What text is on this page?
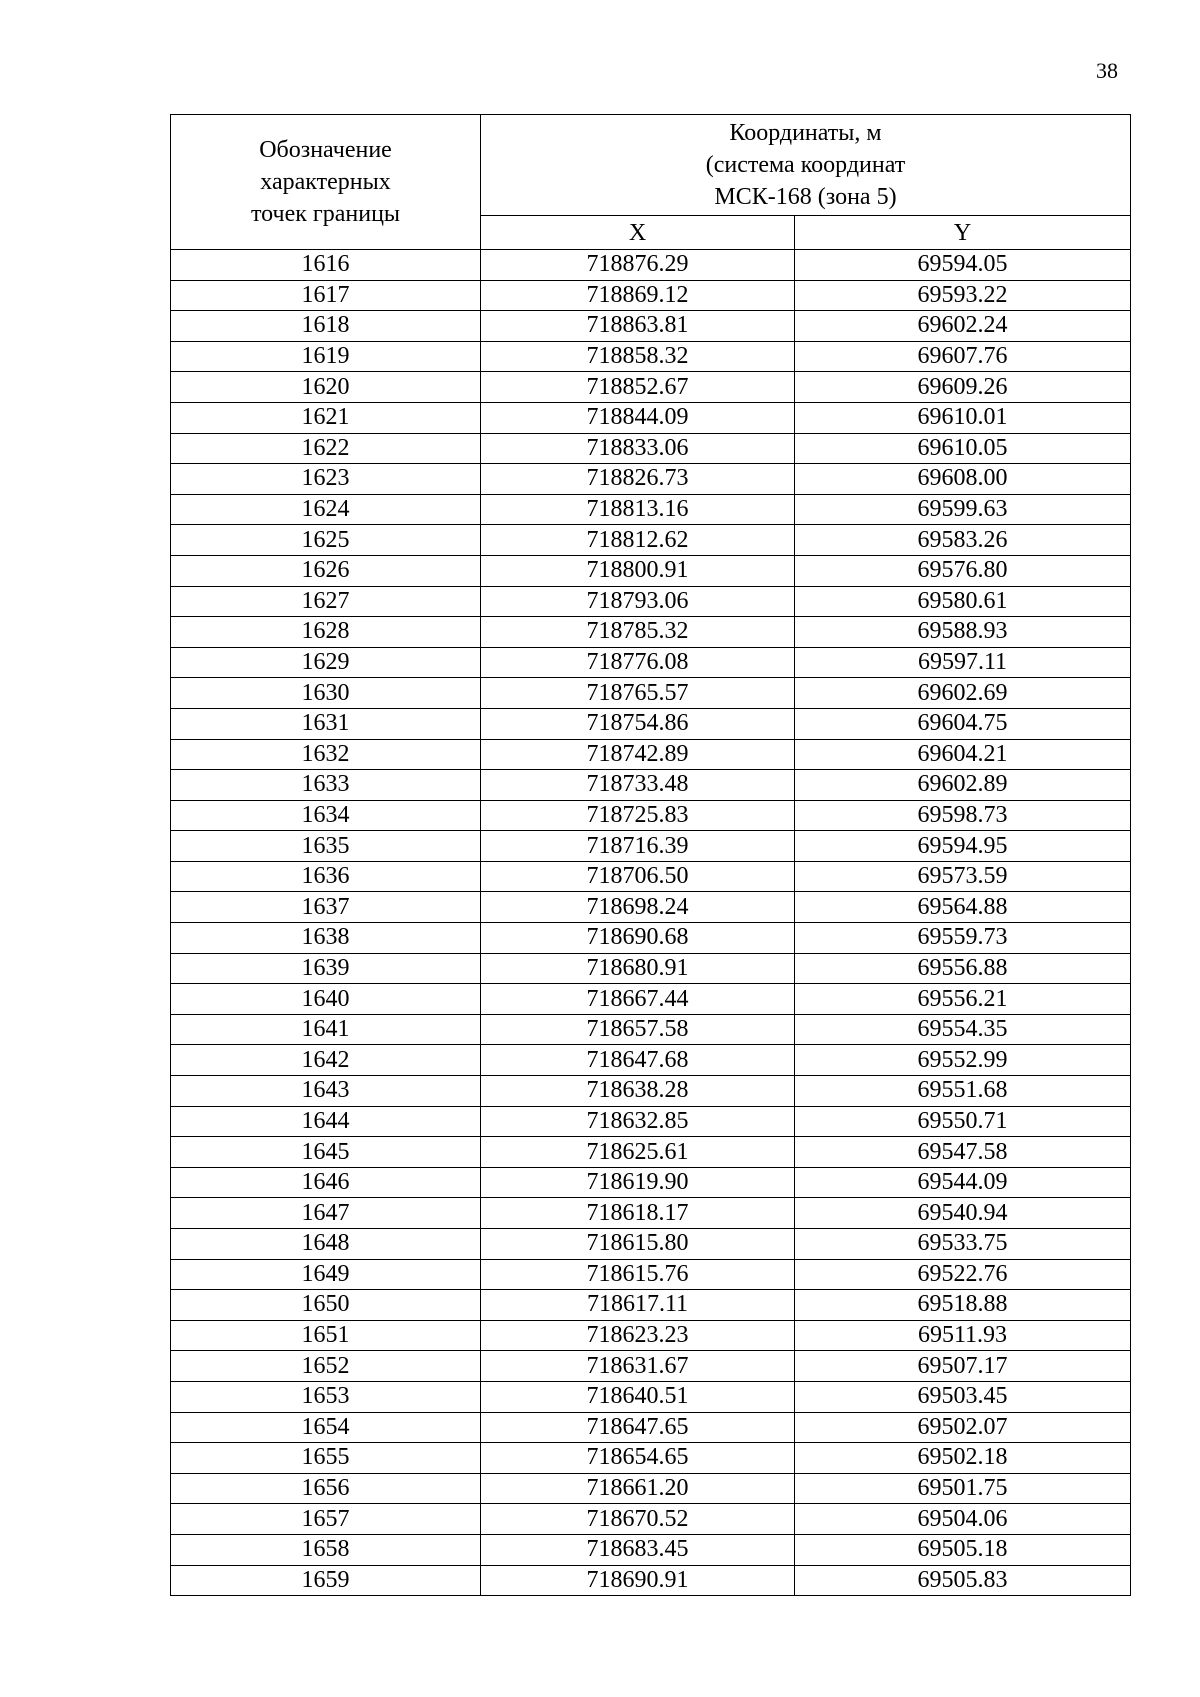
38
Обозначение
характерных
точек границы	Координаты, м
(система координат
МСК-168 (зона 5)	

	X	Y
1616	718876.29	69594.05
1617	718869.12	69593.22
1618	718863.81	69602.24
1619	718858.32	69607.76
1620	718852.67	69609.26
1621	718844.09	69610.01
1622	718833.06	69610.05
1623	718826.73	69608.00
1624	718813.16	69599.63
1625	718812.62	69583.26
1626	718800.91	69576.80
1627	718793.06	69580.61
1628	718785.32	69588.93
1629	718776.08	69597.11
1630	718765.57	69602.69
1631	718754.86	69604.75
1632	718742.89	69604.21
1633	718733.48	69602.89
1634	718725.83	69598.73
1635	718716.39	69594.95
1636	718706.50	69573.59
1637	718698.24	69564.88
1638	718690.68	69559.73
1639	718680.91	69556.88
1640	718667.44	69556.21
1641	718657.58	69554.35
1642	718647.68	69552.99
1643	718638.28	69551.68
1644	718632.85	69550.71
1645	718625.61	69547.58
1646	718619.90	69544.09
1647	718618.17	69540.94
1648	718615.80	69533.75
1649	718615.76	69522.76
1650	718617.11	69518.88
1651	718623.23	69511.93
1652	718631.67	69507.17
1653	718640.51	69503.45
1654	718647.65	69502.07
1655	718654.65	69502.18
1656	718661.20	69501.75
1657	718670.52	69504.06
1658	718683.45	69505.18
1659	718690.91	69505.83
